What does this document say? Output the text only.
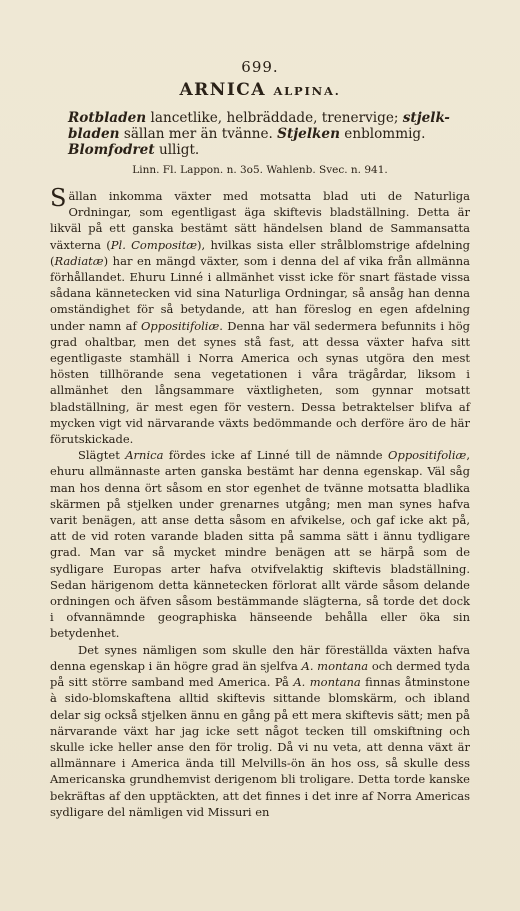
699.
ARNICA ALPINA.
Rotbladen lancetlike, helbräddade, trenervige; stjelk- bladen sällan mer än tvänne. Stjelken enblommig. Blomfodret ulligt.
Linn. Fl. Lappon. n. 3o5. Wahlenb. Svec. n. 941.

Sällan inkomma växter med motsatta blad uti de Naturliga Ordningar, som egentligast äga skiftevis bladställning. Detta är likväl på ett ganska bestämt sätt händelsen bland de Sammansatta växterna (Pl. Compositæ), hvilkas sista eller strålblomstrige afdelning (Radiatæ) har en mängd växter, som i denna del af vika från allmänna förhållandet. Ehuru Linné i allmänhet visst icke för snart fästade vissa sådana kännetecken vid sina Naturliga Ordningar, så ansåg han denna omständighet för så betydande, att han föreslog en egen afdelning under namn af Oppositifoliæ. Denna har väl sedermera befunnits i hög grad ohaltbar, men det synes stå fast, att dessa växter hafva sitt egentligaste stamhäll i Norra America och synas utgöra den mest hösten tillhörande sena vegetationen i våra trägårdar, liksom i allmänhet den långsammare växtligheten, som gynnar motsatt bladställning, är mest egen för vestern. Dessa betraktelser blifva af mycken vigt vid närvarande växts bedömmande och derföre äro de här förutskickade.

Slägtet Arnica fördes icke af Linné till de nämnde Oppositifoliæ, ehuru allmännaste arten ganska bestämt har denna egenskap. Väl såg man hos denna ört såsom en stor egenhet de tvänne motsatta bladlika skärmen på stjelken under grenarnes utgång; men man synes hafva varit benägen, att anse detta såsom en afvikelse, och gaf icke akt på, att de vid roten varande bladen sitta på samma sätt i ännu tydligare grad. Man var så mycket mindre benägen att se härpå som de sydligare Europas arter hafva otvifvelaktig skiftevis bladställning. Sedan härigenom detta kännetecken förlorat allt värde såsom delande ordningen och äfven såsom bestämmande slägterna, så torde det dock i ofvannämnde geographiska hänseende behålla eller öka sin betydenhet.

Det synes nämligen som skulle den här föreställda växten hafva denna egenskap i än högre grad än sjelfva A. montana och dermed tyda på sitt större samband med America. På A. montana finnas åtminstone à sido-blomskaftena alltid skiftevis sittande blomskärm, och ibland delar sig också stjelken ännu en gång på ett mera skiftevis sätt; men på närvarande växt har jag icke sett något tecken till omskiftning och skulle icke heller anse den för trolig. Då vi nu veta, att denna växt är allmännare i America ända till Melvills-ön än hos oss, så skulle dess Americanska grundhemvist derigenom bli troligare. Detta torde kanske bekräftas af den upptäckten, att det finnes i det inre af Norra Americas sydligare del nämligen vid Missuri en
